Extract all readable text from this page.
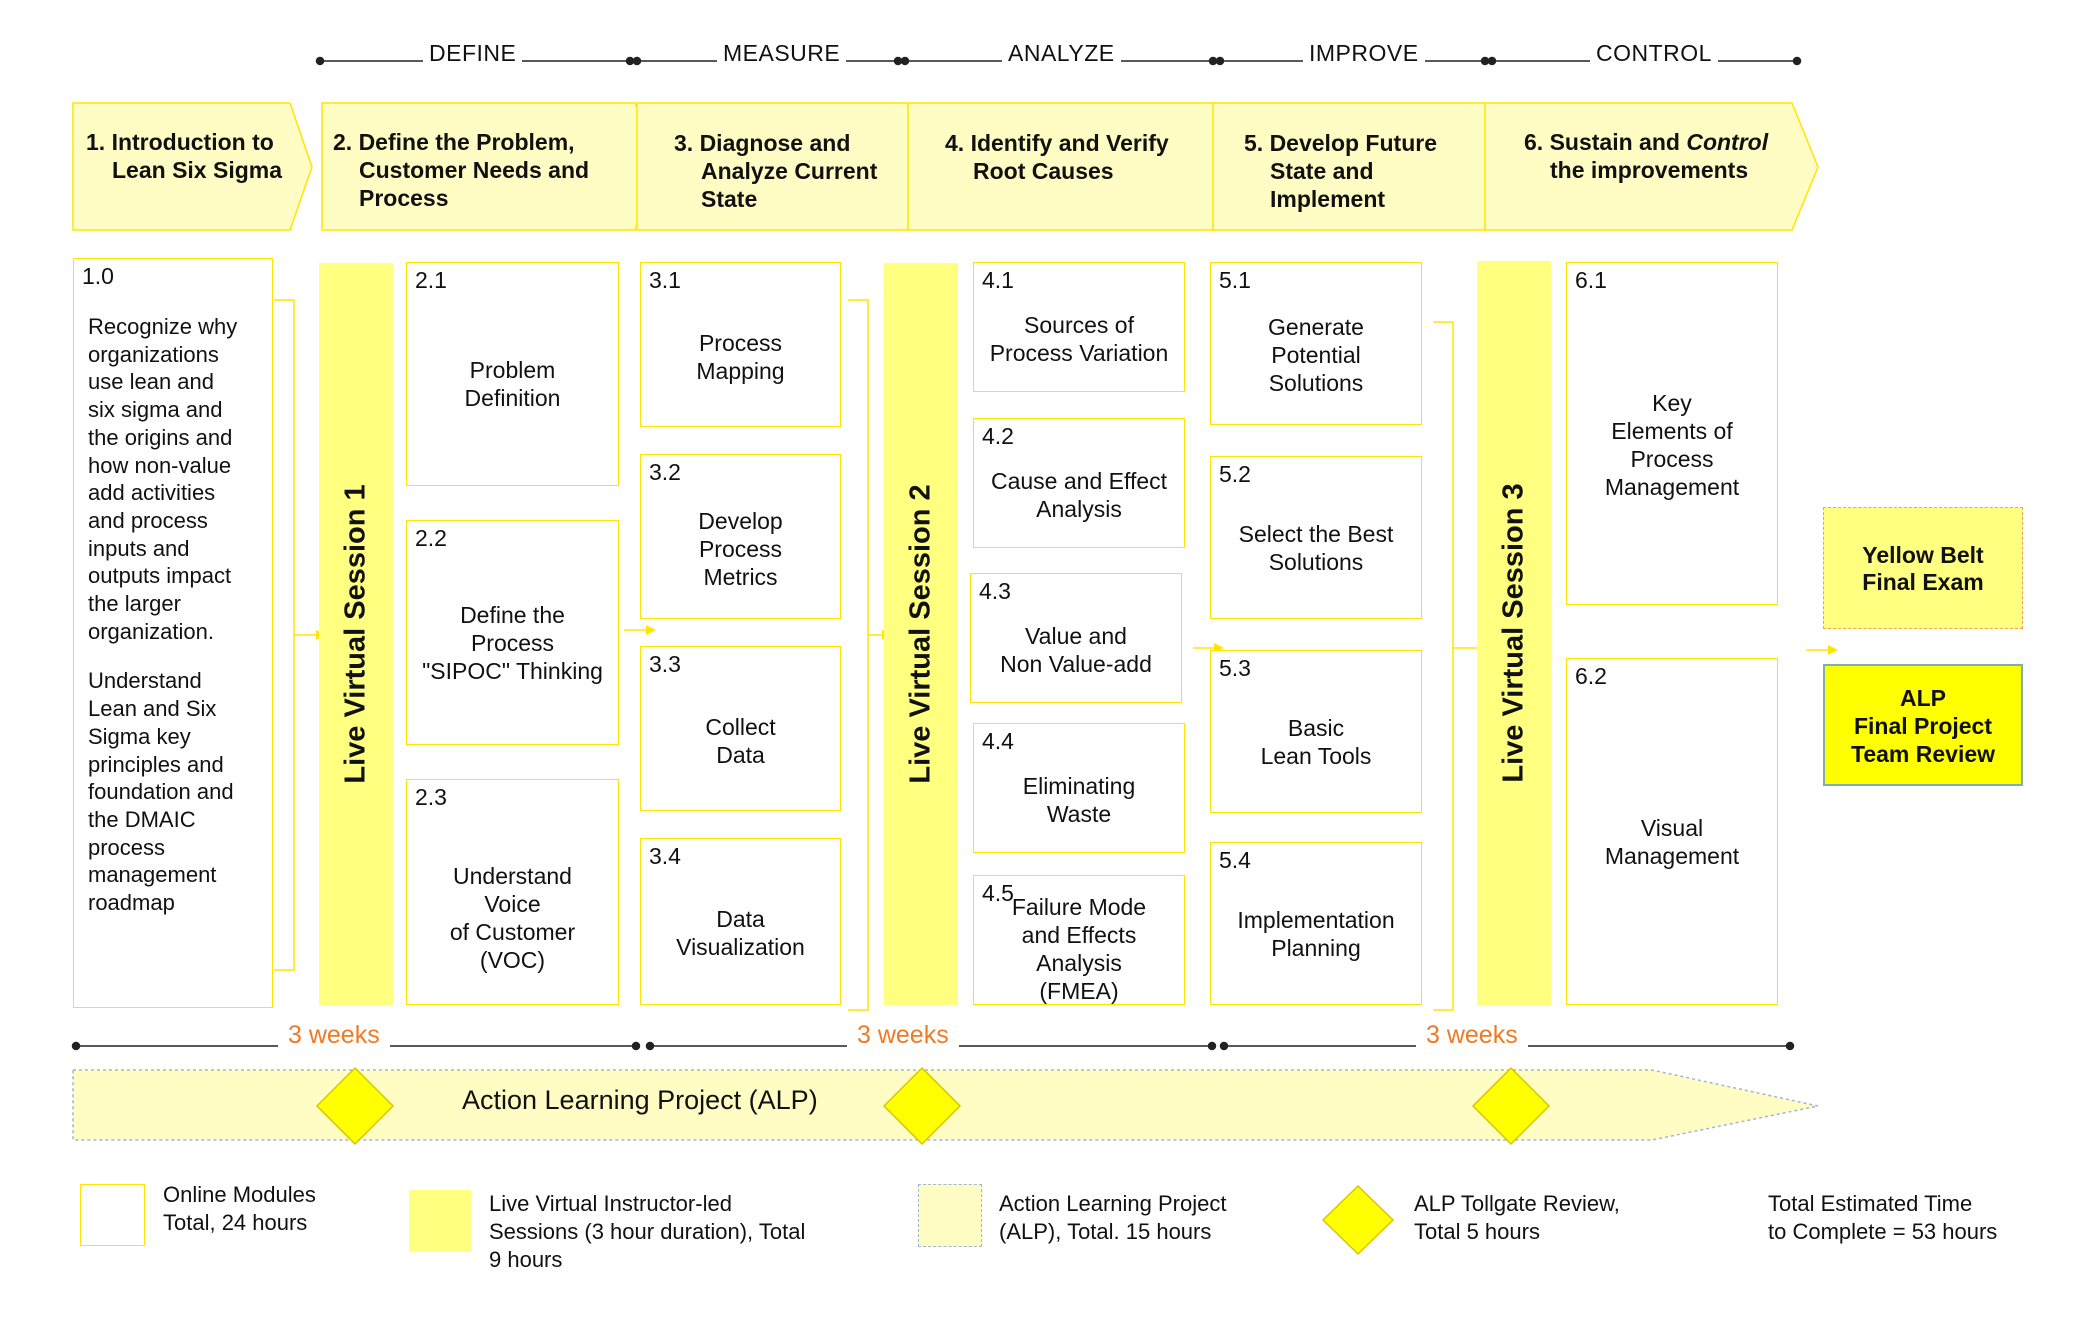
DEFINE	MEASURE	ANALYZE	IMPROVE	CONTROL
1. Introduction to
Lean Six Sigma
2. Define the Problem,
Customer Needs and
Process
3. Diagnose and
Analyze Current
State
4. Identify and Verify
Root Causes
5. Develop Future
State and
Implement
6. Sustain and Control
the improvements
1.0
Recognize why
organizations
use lean and
six sigma and
the origins and
how non-value
add activities
and process
inputs and
outputs impact
the larger
organization.
Understand
Lean and Six
Sigma key
principles and
foundation and
the DMAIC
process
management
roadmap
Live Virtual Session 1	Live Virtual Session 2	Live Virtual Session 3
2.1
Problem
Definition
2.2
Define the
Process
"SIPOC" Thinking
2.3
Understand
Voice
of Customer
(VOC)
3.1
Process
Mapping
3.2
Develop
Process
Metrics
3.3
Collect
Data
3.4
Data
Visualization
4.1
Sources of
Process Variation
4.2
Cause and Effect
Analysis
4.3
Value and
Non Value-add
4.4
Eliminating
Waste
4.5
Failure Mode
and Effects
Analysis
(FMEA)
5.1
Generate
Potential
Solutions
5.2
Select the Best
Solutions
5.3
Basic
Lean Tools
5.4
Implementation
Planning
6.1
Key
Elements of
Process
Management
6.2
Visual
Management
Yellow Belt
Final Exam
ALP
Final Project
Team Review
3 weeks	3 weeks	3 weeks
Action Learning Project (ALP)
Online Modules
Total, 24 hours
Live Virtual Instructor-led
Sessions (3 hour duration), Total
9 hours
Action Learning Project
(ALP), Total. 15 hours
ALP Tollgate Review,
Total 5 hours
Total Estimated Time
to Complete = 53 hours
